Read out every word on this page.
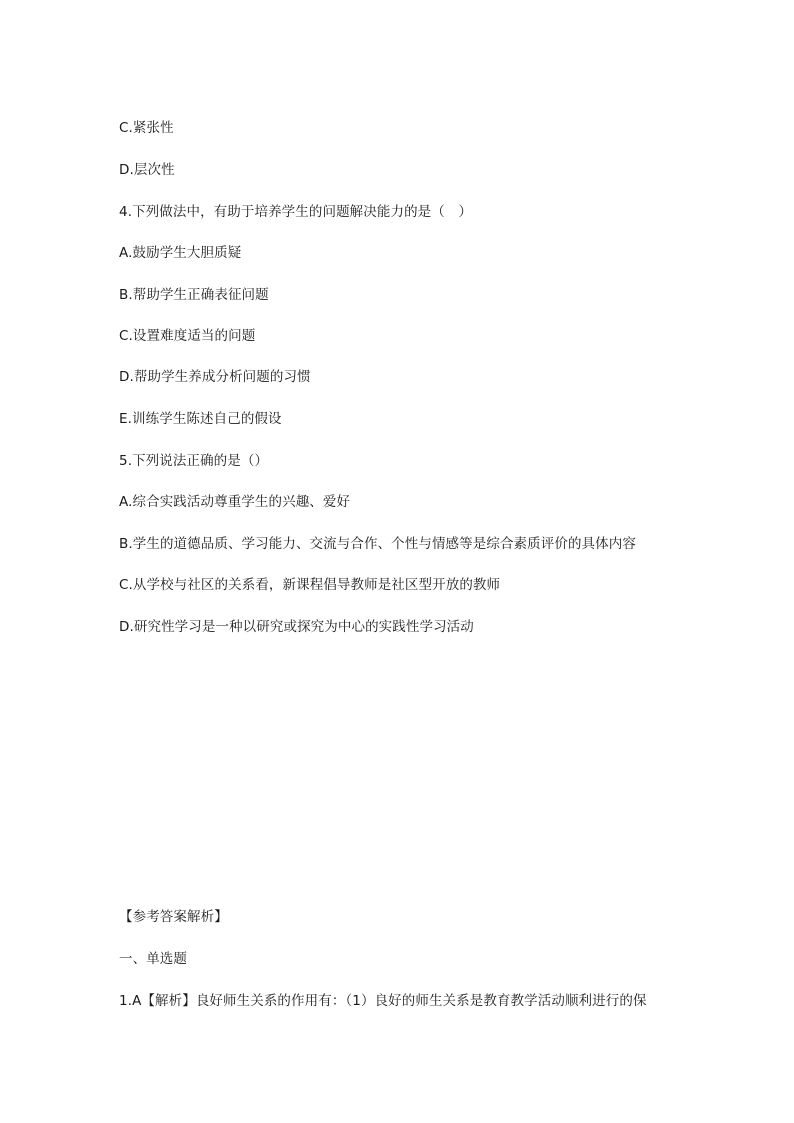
C.紧张性
D.层次性
4.下列做法中，有助于培养学生的问题解决能力的是（　）
A.鼓励学生大胆质疑
B.帮助学生正确表征问题
C.设置难度适当的问题
D.帮助学生养成分析问题的习惯
E.训练学生陈述自己的假设
5.下列说法正确的是（）
A.综合实践活动尊重学生的兴趣、爱好
B.学生的道德品质、学习能力、交流与合作、个性与情感等是综合素质评价的具体内容
C.从学校与社区的关系看，新课程倡导教师是社区型开放的教师
D.研究性学习是一种以研究或探究为中心的实践性学习活动
【参考答案解析】
一、单选题
1.A【解析】良好师生关系的作用有：（1）良好的师生关系是教育教学活动顺利进行的保
